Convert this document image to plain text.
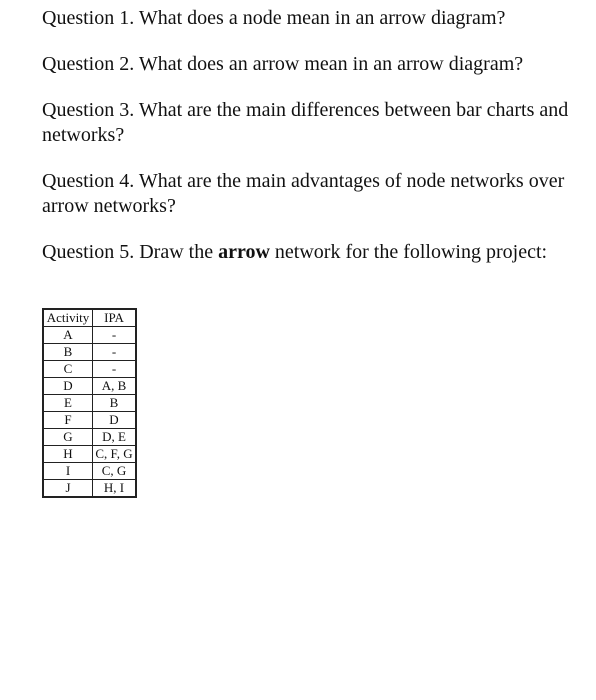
Question 1. What does a node mean in an arrow diagram?

Question 2. What does an arrow mean in an arrow diagram?

Question 3. What are the main differences between bar charts and networks?

Question 4. What are the main advantages of node networks over arrow networks?

Question 5. Draw the arrow network for the following project:

Activity	IPA
A	-
B	-
C	-
D	A, B
E	B
F	D
G	D, E
H	C, F, G
I	C, G
J	H, I
